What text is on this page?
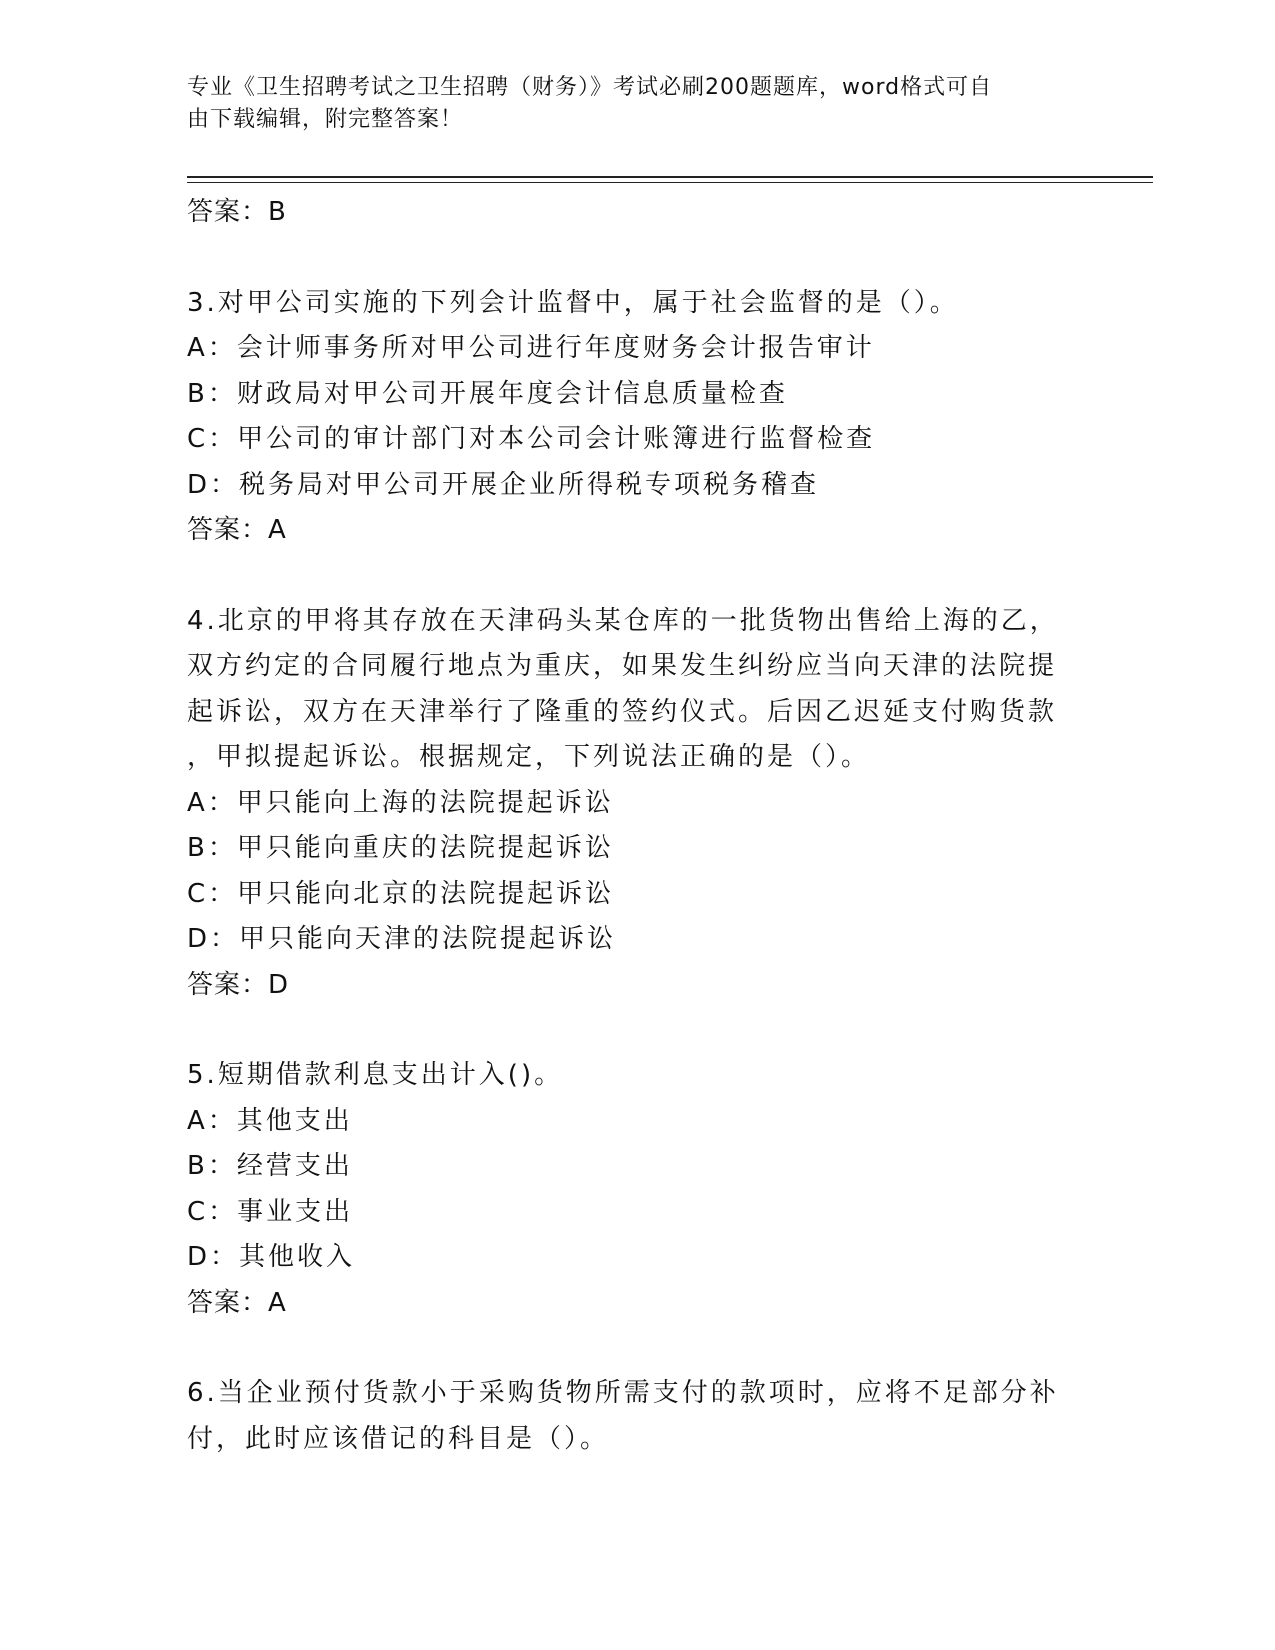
专业《卫生招聘考试之卫生招聘（财务）》考试必刷200题题库，word格式可自
由下载编辑，附完整答案！
答案：B
3.对甲公司实施的下列会计监督中，属于社会监督的是（）。
A：会计师事务所对甲公司进行年度财务会计报告审计
B：财政局对甲公司开展年度会计信息质量检查
C：甲公司的审计部门对本公司会计账簿进行监督检查
D：税务局对甲公司开展企业所得税专项税务稽查
答案：A
4.北京的甲将其存放在天津码头某仓库的一批货物出售给上海的乙，
双方约定的合同履行地点为重庆，如果发生纠纷应当向天津的法院提
起诉讼，双方在天津举行了隆重的签约仪式。后因乙迟延支付购货款
，甲拟提起诉讼。根据规定，下列说法正确的是（）。
A：甲只能向上海的法院提起诉讼
B：甲只能向重庆的法院提起诉讼
C：甲只能向北京的法院提起诉讼
D：甲只能向天津的法院提起诉讼
答案：D
5.短期借款利息支出计入()。
A：其他支出
B：经营支出
C：事业支出
D：其他收入
答案：A
6.当企业预付货款小于采购货物所需支付的款项时，应将不足部分补
付，此时应该借记的科目是（）。
